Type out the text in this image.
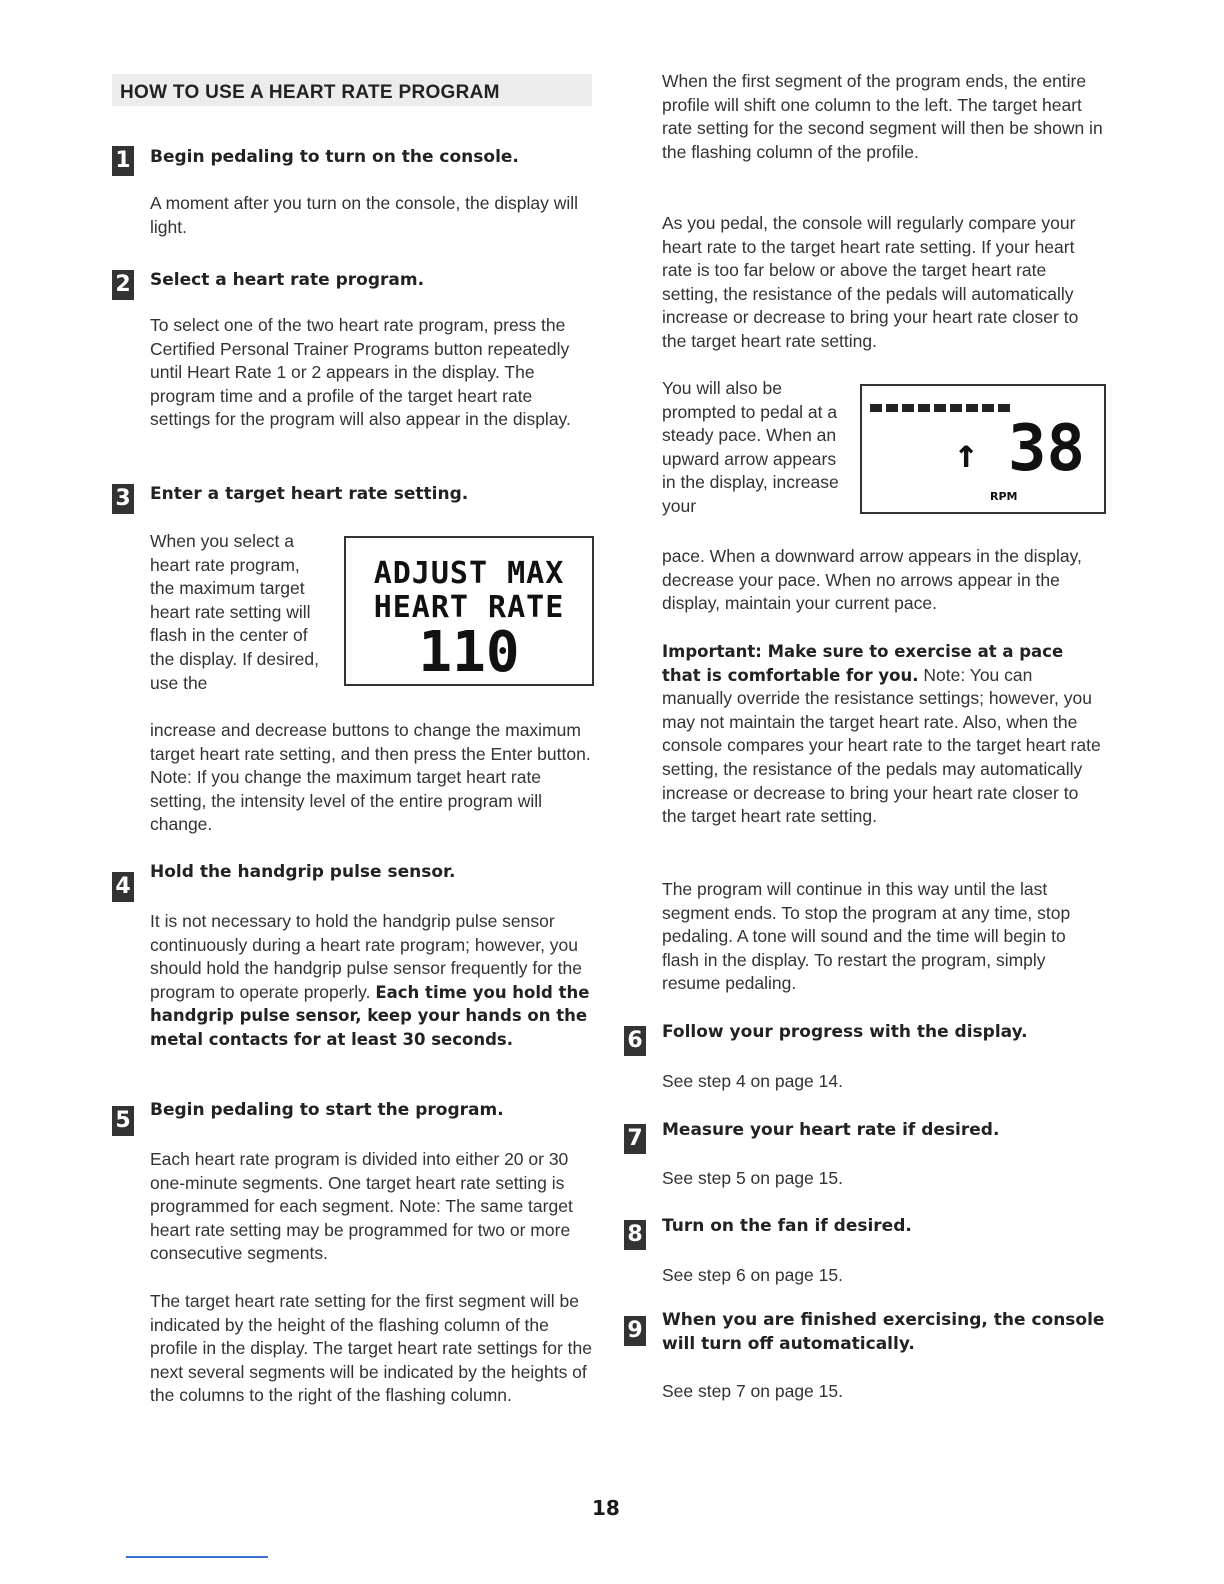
HOW TO USE A HEART RATE PROGRAM
1 Begin pedaling to turn on the console.
A moment after you turn on the console, the display will light.
2 Select a heart rate program.
To select one of the two heart rate program, press the Certified Personal Trainer Programs button repeatedly until Heart Rate 1 or 2 appears in the display. The program time and a profile of the target heart rate settings for the program will also appear in the display.
3 Enter a target heart rate setting.
When you select a heart rate program, the maximum target heart rate setting will flash in the center of the display. If desired, use the
ADJUST MAX
HEART RATE
110
increase and decrease buttons to change the maximum target heart rate setting, and then press the Enter button. Note: If you change the maximum target heart rate setting, the intensity level of the entire program will change.
4
Hold the handgrip pulse sensor.
It is not necessary to hold the handgrip pulse sensor continuously during a heart rate program; however, you should hold the handgrip pulse sensor frequently for the program to operate properly. Each time you hold the handgrip pulse sensor, keep your hands on the metal contacts for at least 30 seconds.
5 Begin pedaling to start the program.
Each heart rate program is divided into either 20 or 30 one-minute segments. One target heart rate setting is programmed for each segment. Note: The same target heart rate setting may be programmed for two or more consecutive segments.
The target heart rate setting for the first segment will be indicated by the height of the flashing column of the profile in the display. The target heart rate settings for the next several segments will be indicated by the heights of the columns to the right of the flashing column.
When the first segment of the program ends, the entire profile will shift one column to the left. The target heart rate setting for the second segment will then be shown in the flashing column of the profile.
As you pedal, the console will regularly compare your heart rate to the target heart rate setting. If your heart rate is too far below or above the target heart rate setting, the resistance of the pedals will automatically increase or decrease to bring your heart rate closer to the target heart rate setting.
You will also be prompted to pedal at a steady pace. When an upward arrow appears in the display, increase your
↑ 38
RPM
pace. When a downward arrow appears in the display, decrease your pace. When no arrows appear in the display, maintain your current pace.
Important: Make sure to exercise at a pace that is comfortable for you. Note: You can manually override the resistance settings; however, you may not maintain the target heart rate. Also, when the console compares your heart rate to the target heart rate setting, the resistance of the pedals may automatically increase or decrease to bring your heart rate closer to the target heart rate setting.
The program will continue in this way until the last segment ends. To stop the program at any time, stop pedaling. A tone will sound and the time will begin to flash in the display. To restart the program, simply resume pedaling.
6 Follow your progress with the display.
See step 4 on page 14.
7 Measure your heart rate if desired.
See step 5 on page 15.
8 Turn on the fan if desired.
See step 6 on page 15.
9 When you are finished exercising, the console will turn off automatically.
See step 7 on page 15.
18
